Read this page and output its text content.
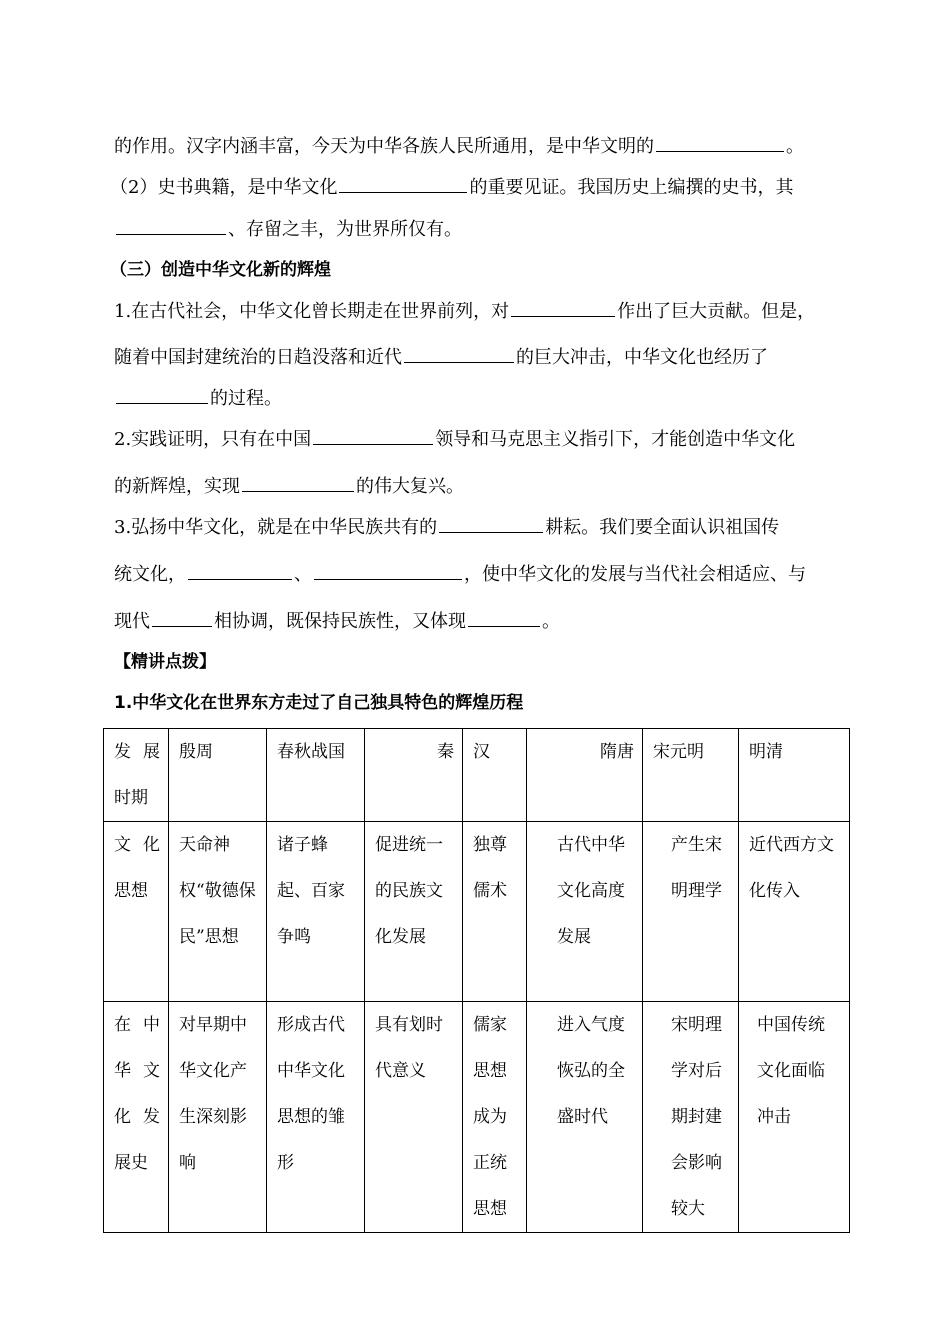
的作用。汉字内涵丰富，今天为中华各族人民所通用，是中华文明的	。

（2）史书典籍，是中华文化	的重要见证。我国历史上编撰的史书，其

、存留之丰，为世界所仅有。

（三）创造中华文化新的辉煌

1.在古代社会，中华文化曾长期走在世界前列，对	作出了巨大贡献。但是，

随着中国封建统治的日趋没落和近代	的巨大冲击，中华文化也经历了

的过程。

2.实践证明，只有在中国	领导和马克思主义指引下，才能创造中华文化

的新辉煌，实现	的伟大复兴。

3.弘扬中华文化，就是在中华民族共有的	耕耘。我们要全面认识祖国传

统文化，	、	，使中华文化的发展与当代社会相适应、与

现代	相协调，既保持民族性，又体现	。

【精讲点拨】

1.中华文化在世界东方走过了自己独具特色的辉煌历程

发展时期	殷周	春秋战国	秦	汉	隋唐	宋元明	明清
文化思想	天命神权“敬德保民”思想	诸子蜂起、百家争鸣	促进统一的民族文化发展	独尊儒术	古代中华文化高度发展	产生宋明理学	近代西方文化传入
在中华文化发展史	对早期中华文化产生深刻影响	形成古代中华文化思想的雏形	具有划时代意义	儒家思想成为正统思想	进入气度恢弘的全盛时代	宋明理学对后期封建会影响较大	中国传统文化面临冲击
